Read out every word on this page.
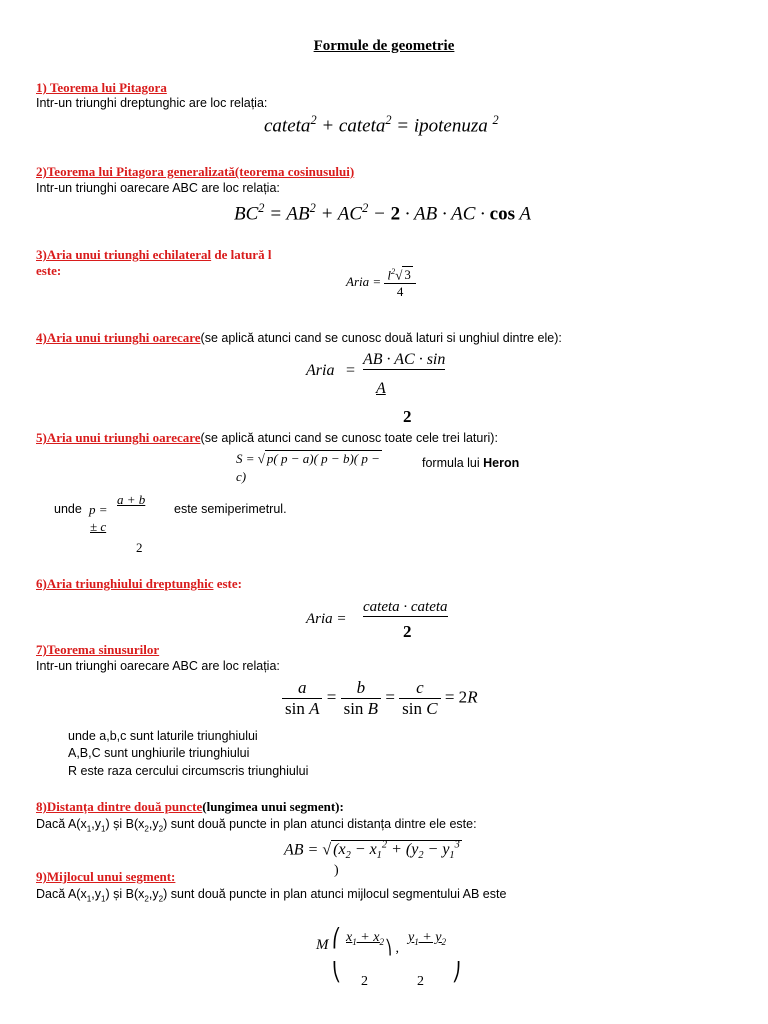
Formule de geometrie
1) Teorema lui Pitagora
Intr-un triunghi dreptunghic are loc relația:
cateta$^2$ + cateta$^2$ = ipotenuza $^2$
2)Teorema lui Pitagora generalizată(teorema cosinusului)
Intr-un triunghi oarecare ABC are loc relația:
$BC^2 = AB^2 + AC^2 - 2$ · AB · AC · cos A
3)Aria unui triunghi echilateral de latură l
este:
Aria = $\frac{l^2√ 3}{4}$
4)Aria unui triunghi oarecare(se aplică atunci cand se cunosc două laturi si unghiul dintre ele):
Aria
AB · AC · sin
=
A
2
5)Aria unui triunghi oarecare(se aplică atunci cand se cunosc toate cele trei laturi):
S = √ p( p − a)( p − b)( p −
c)
formula lui Heron
unde p =
a + b
± c
2
este semiperimetrul.
6)Aria triunghiului dreptunghic este:
Aria =
cateta · cateta
2
7)Teorema sinusurilor
Intr-un triunghi oarecare ABC are loc relația:
$\frac{a}{\text{sin A}} = \frac{b}{\text{sin B}} = \frac{c}{\text{sin C}} = 2R$
unde a,b,c sunt laturile triunghiului
A,B,C sunt unghiurile triunghiului
R este raza cercului circumscris triunghiului
8)Distanța dintre două puncte(lungimea unui segment):
Dacă $A(x_1,y_1)$ și $B(x_2,y_2)$ sunt două puncte in plan atunci distanța dintre ele este:
AB = √ ($x_2 - x_1^2 + (y_2 - y_1^3$
)
9)Mijlocul unui segment:
Dacă $A(x_1,y_1)$ și $B(x_2,y_2)$ sunt două puncte in plan atunci mijlocul segmentului AB este
M ⎛
⎝
$x_1 + x_2$ ⎞ ,
$y_1 + y_2$
2	2 ⎠
